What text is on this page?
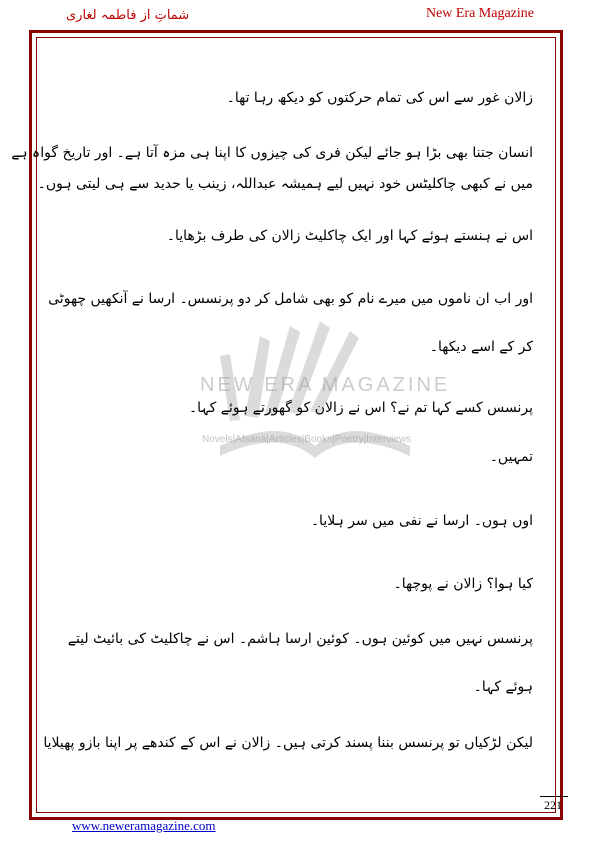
شماتِ از فاطمہ لغاری	New Era Magazine
NEW ERA MAGAZINE
Novels|Afsana|Articles|Books|Poetry|Interviews
زالان غور سے اس کی تمام حرکتوں کو دیکھ رہا تھا۔
انسان جتنا بھی بڑا ہو جائے لیکن فری کی چیزوں کا اپنا ہی مزہ آتا ہے۔ اور تاریخ گواہ ہے
میں نے کبھی چاکلیٹس خود نہیں لیے ہمیشہ عبداللہ، زینب یا حدید سے ہی لیتی ہوں۔
اس نے ہنستے ہوئے کہا اور ایک چاکلیٹ زالان کی طرف بڑھایا۔
اور اب ان ناموں میں میرے نام کو بھی شامل کر دو پرنسس۔ ارسا نے آنکھیں چھوٹی
کر کے اسے دیکھا۔
پرنسس کسے کہا تم نے؟ اس نے زالان کو گھورتے ہوئے کہا۔
تمہیں۔
اوں ہوں۔ ارسا نے نفی میں سر ہلایا۔
کیا ہوا؟ زالان نے پوچھا۔
پرنسس نہیں میں کوئین ہوں۔ کوئین ارسا ہاشم۔ اس نے چاکلیٹ کی بائیٹ لیتے
ہوئے کہا۔
لیکن لڑکیاں تو پرنسس بننا پسند کرتی ہیں۔ زالان نے اس کے کندھے پر اپنا بازو پھیلایا
221
www.neweramagazine.com
